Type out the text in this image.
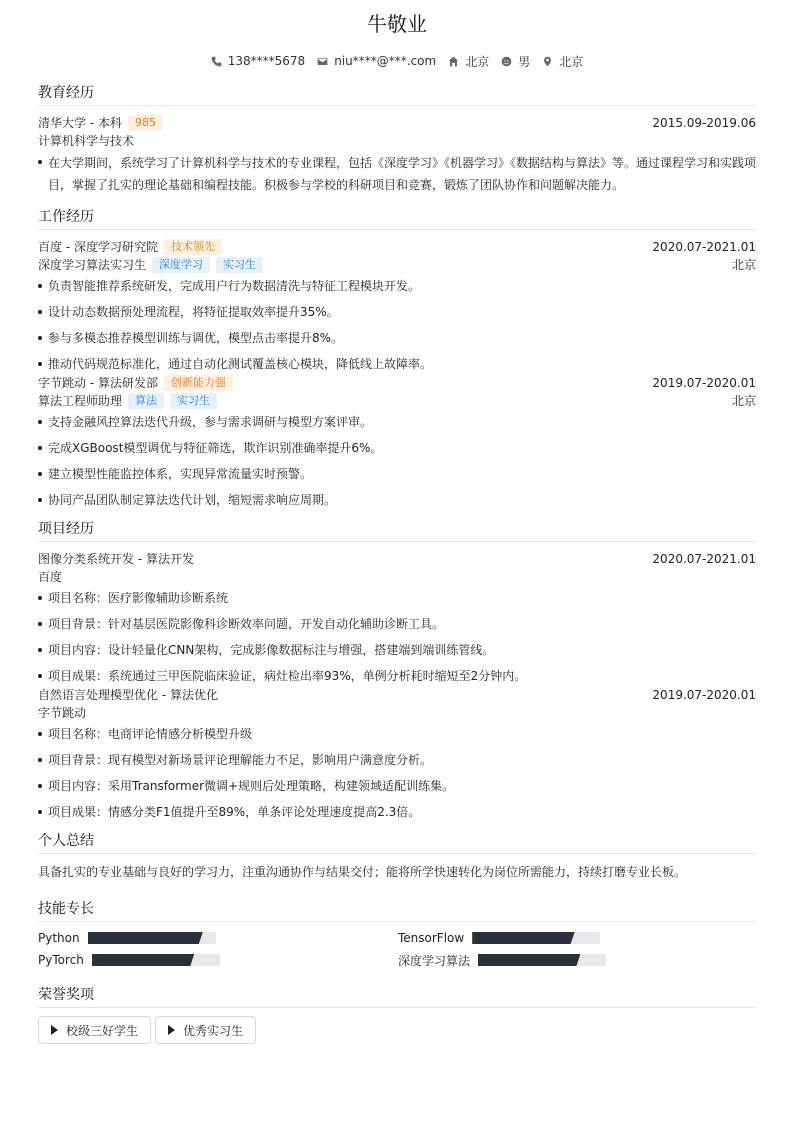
牛敬业
138****5678 niu****@***.com 北京 男 北京
教育经历
清华大学 - 本科	985	2015.09-2019.06
计算机科学与技术
在大学期间，系统学习了计算机科学与技术的专业课程，包括《深度学习》《机器学习》《数据结构与算法》等。通过课程学习和实践项目，掌握了扎实的理论基础和编程技能。积极参与学校的科研项目和竞赛，锻炼了团队协作和问题解决能力。
工作经历
百度 - 深度学习研究院	技术领先	2020.07-2021.01
深度学习算法实习生	深度学习	实习生	北京
负责智能推荐系统研发，完成用户行为数据清洗与特征工程模块开发。
设计动态数据预处理流程，将特征提取效率提升35%。
参与多模态推荐模型训练与调优，模型点击率提升8%。
推动代码规范标准化，通过自动化测试覆盖核心模块，降低线上故障率。
字节跳动 - 算法研发部	创新能力强	2019.07-2020.01
算法工程师助理	算法	实习生	北京
支持金融风控算法迭代升级，参与需求调研与模型方案评审。
完成XGBoost模型调优与特征筛选，欺诈识别准确率提升6%。
建立模型性能监控体系，实现异常流量实时预警。
协同产品团队制定算法迭代计划，缩短需求响应周期。
项目经历
图像分类系统开发 - 算法开发	2020.07-2021.01
百度
项目名称：医疗影像辅助诊断系统
项目背景：针对基层医院影像科诊断效率问题，开发自动化辅助诊断工具。
项目内容：设计轻量化CNN架构，完成影像数据标注与增强，搭建端到端训练管线。
项目成果：系统通过三甲医院临床验证，病灶检出率93%，单例分析耗时缩短至2分钟内。
自然语言处理模型优化 - 算法优化	2019.07-2020.01
字节跳动
项目名称：电商评论情感分析模型升级
项目背景：现有模型对新场景评论理解能力不足，影响用户满意度分析。
项目内容：采用Transformer微调+规则后处理策略，构建领域适配训练集。
项目成果：情感分类F1值提升至89%，单条评论处理速度提高2.3倍。
个人总结
具备扎实的专业基础与良好的学习力，注重沟通协作与结果交付；能将所学快速转化为岗位所需能力，持续打磨专业长板。
技能专长
Python	TensorFlow
PyTorch	深度学习算法
荣誉奖项
校级三好学生	优秀实习生
